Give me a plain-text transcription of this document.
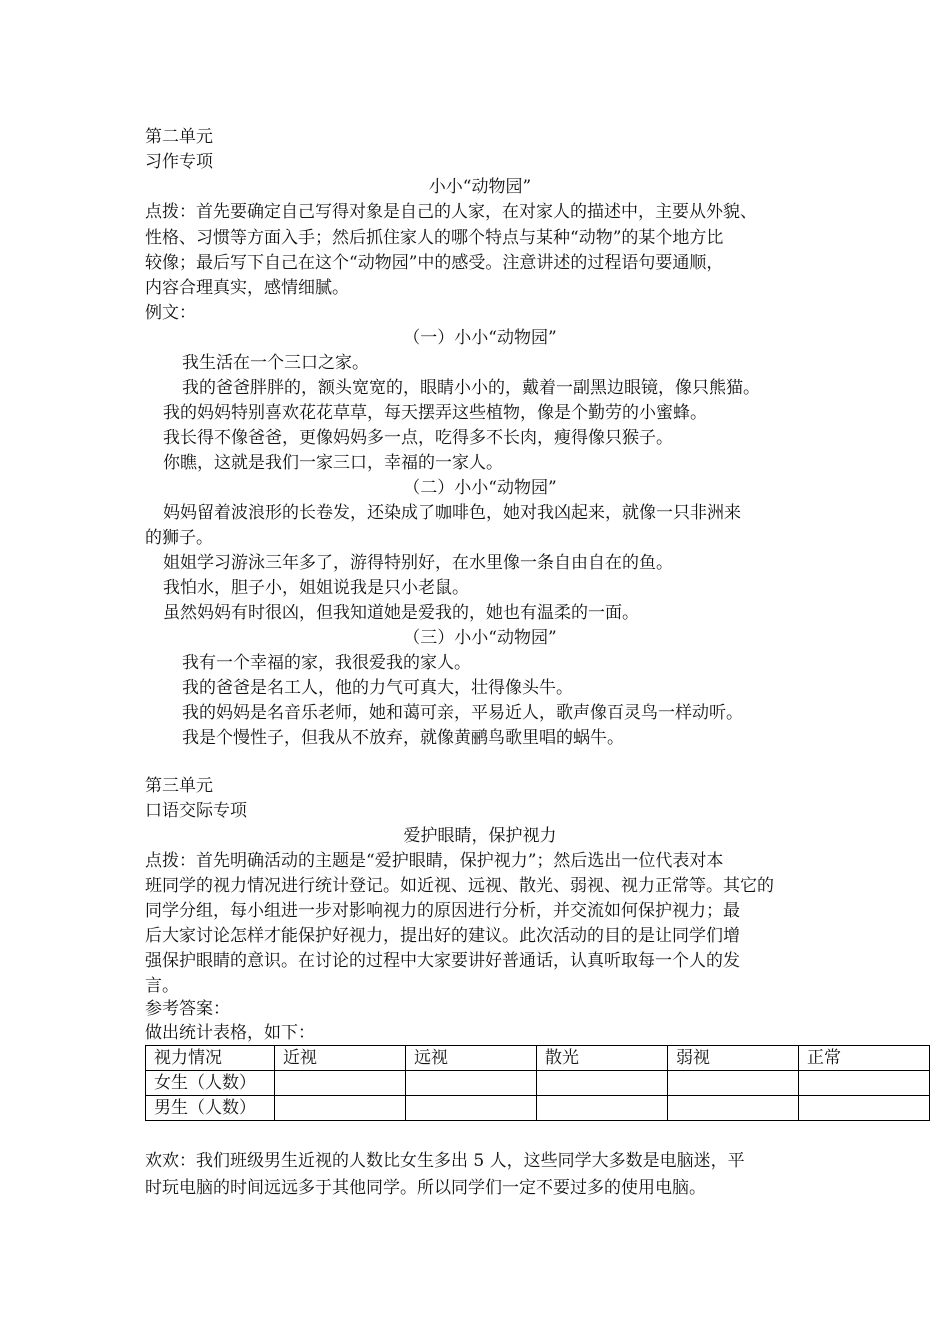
第二单元
习作专项
小小“动物园”
点拨：首先要确定自己写得对象是自己的人家，在对家人的描述中，主要从外貌、
性格、习惯等方面入手；然后抓住家人的哪个特点与某种“动物”的某个地方比
较像；最后写下自己在这个“动物园”中的感受。注意讲述的过程语句要通顺，
内容合理真实，感情细腻。
例文：
（一）小小“动物园”
我生活在一个三口之家。
我的爸爸胖胖的，额头宽宽的，眼睛小小的，戴着一副黑边眼镜，像只熊猫。
我的妈妈特别喜欢花花草草，每天摆弄这些植物，像是个勤劳的小蜜蜂。
我长得不像爸爸，更像妈妈多一点，吃得多不长肉，瘦得像只猴子。
你瞧，这就是我们一家三口，幸福的一家人。
（二）小小“动物园”
妈妈留着波浪形的长卷发，还染成了咖啡色，她对我凶起来，就像一只非洲来
的狮子。
姐姐学习游泳三年多了，游得特别好，在水里像一条自由自在的鱼。
我怕水，胆子小，姐姐说我是只小老鼠。
虽然妈妈有时很凶，但我知道她是爱我的，她也有温柔的一面。
（三）小小“动物园”
我有一个幸福的家，我很爱我的家人。
我的爸爸是名工人，他的力气可真大，壮得像头牛。
我的妈妈是名音乐老师，她和蔼可亲，平易近人，歌声像百灵鸟一样动听。
我是个慢性子，但我从不放弃，就像黄鹂鸟歌里唱的蜗牛。
第三单元
口语交际专项
爱护眼睛，保护视力
点拨：首先明确活动的主题是“爱护眼睛，保护视力”；然后选出一位代表对本
班同学的视力情况进行统计登记。如近视、远视、散光、弱视、视力正常等。其它的
同学分组，每小组进一步对影响视力的原因进行分析，并交流如何保护视力；最
后大家讨论怎样才能保护好视力，提出好的建议。此次活动的目的是让同学们增
强保护眼睛的意识。在讨论的过程中大家要讲好普通话，认真听取每一个人的发
言。
参考答案：
做出统计表格，如下：
视力情况	近视	远视	散光	弱视	正常
女生（人数）					
男生（人数）					
欢欢：我们班级男生近视的人数比女生多出 5 人，这些同学大多数是电脑迷，平
时玩电脑的时间远远多于其他同学。所以同学们一定不要过多的使用电脑。
